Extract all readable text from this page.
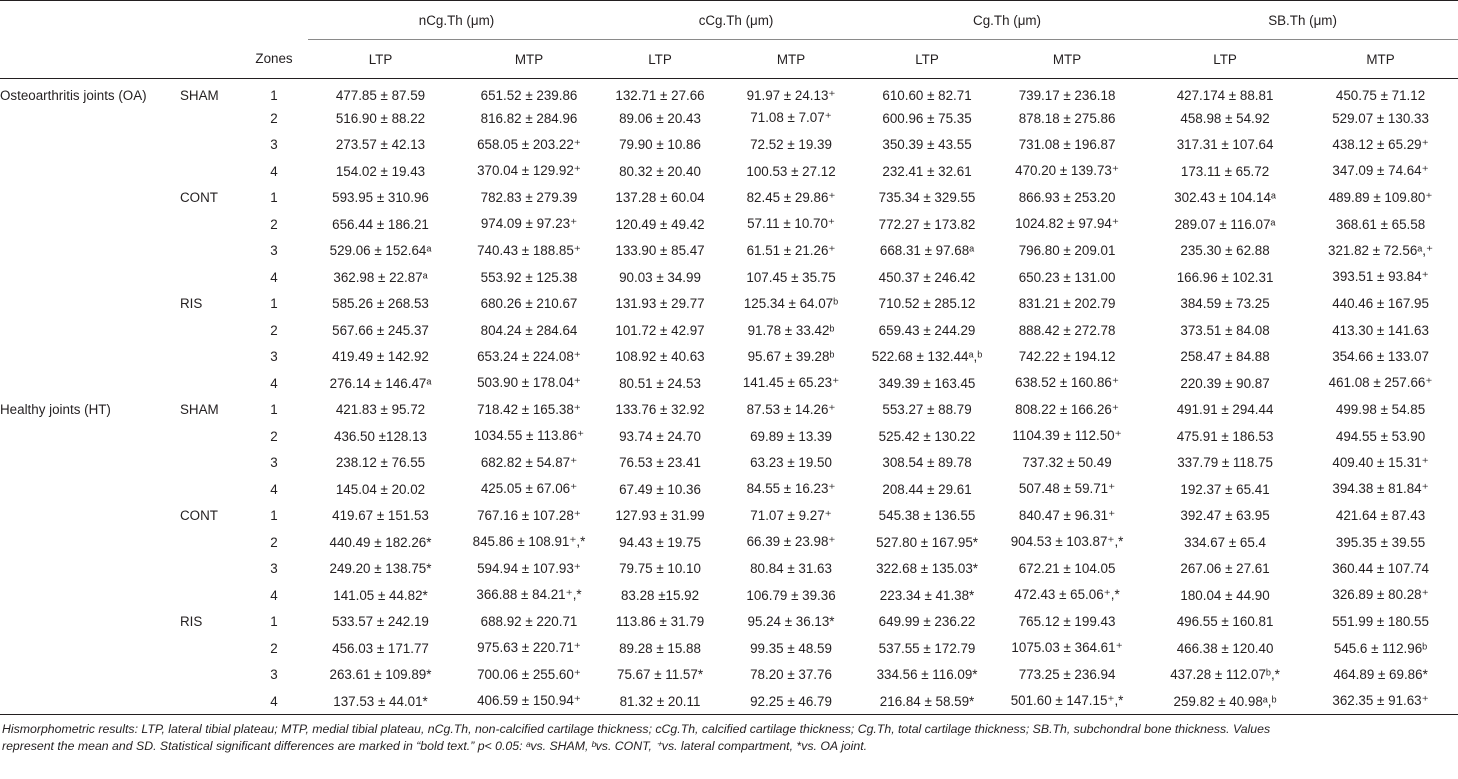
			nCg.Th (μm)		cCg.Th (μm)		Cg.Th (μm)		SB.Th (μm)	
		Zones	LTP	MTP	LTP	MTP	LTP	MTP	LTP	MTP
Osteoarthritis joints (OA)	SHAM	1	477.85 ± 87.59	651.52 ± 239.86	132.71 ± 27.66	91.97 ± 24.13⁺	610.60 ± 82.71	739.17 ± 236.18	427.174 ± 88.81	450.75 ± 71.12
		2	516.90 ± 88.22	816.82 ± 284.96	89.06 ± 20.43	71.08 ± 7.07⁺	600.96 ± 75.35	878.18 ± 275.86	458.98 ± 54.92	529.07 ± 130.33
		3	273.57 ± 42.13	658.05 ± 203.22⁺	79.90 ± 10.86	72.52 ± 19.39	350.39 ± 43.55	731.08 ± 196.87	317.31 ± 107.64	438.12 ± 65.29⁺
		4	154.02 ± 19.43	370.04 ± 129.92⁺	80.32 ± 20.40	100.53 ± 27.12	232.41 ± 32.61	470.20 ± 139.73⁺	173.11 ± 65.72	347.09 ± 74.64⁺
	CONT	1	593.95 ± 310.96	782.83 ± 279.39	137.28 ± 60.04	82.45 ± 29.86⁺	735.34 ± 329.55	866.93 ± 253.20	302.43 ± 104.14ᵃ	489.89 ± 109.80⁺
		2	656.44 ± 186.21	974.09 ± 97.23⁺	120.49 ± 49.42	57.11 ± 10.70⁺	772.27 ± 173.82	1024.82 ± 97.94⁺	289.07 ± 116.07ᵃ	368.61 ± 65.58
		3	529.06 ± 152.64ᵃ	740.43 ± 188.85⁺	133.90 ± 85.47	61.51 ± 21.26⁺	668.31 ± 97.68ᵃ	796.80 ± 209.01	235.30 ± 62.88	321.82 ± 72.56ᵃ,⁺
		4	362.98 ± 22.87ᵃ	553.92 ± 125.38	90.03 ± 34.99	107.45 ± 35.75	450.37 ± 246.42	650.23 ± 131.00	166.96 ± 102.31	393.51 ± 93.84⁺
	RIS	1	585.26 ± 268.53	680.26 ± 210.67	131.93 ± 29.77	125.34 ± 64.07ᵇ	710.52 ± 285.12	831.21 ± 202.79	384.59 ± 73.25	440.46 ± 167.95
		2	567.66 ± 245.37	804.24 ± 284.64	101.72 ± 42.97	91.78 ± 33.42ᵇ	659.43 ± 244.29	888.42 ± 272.78	373.51 ± 84.08	413.30 ± 141.63
		3	419.49 ± 142.92	653.24 ± 224.08⁺	108.92 ± 40.63	95.67 ± 39.28ᵇ	522.68 ± 132.44ᵃ,ᵇ	742.22 ± 194.12	258.47 ± 84.88	354.66 ± 133.07
		4	276.14 ± 146.47ᵃ	503.90 ± 178.04⁺	80.51 ± 24.53	141.45 ± 65.23⁺	349.39 ± 163.45	638.52 ± 160.86⁺	220.39 ± 90.87	461.08 ± 257.66⁺
Healthy joints (HT)	SHAM	1	421.83 ± 95.72	718.42 ± 165.38⁺	133.76 ± 32.92	87.53 ± 14.26⁺	553.27 ± 88.79	808.22 ± 166.26⁺	491.91 ± 294.44	499.98 ± 54.85
		2	436.50 ±128.13	1034.55 ± 113.86⁺	93.74 ± 24.70	69.89 ± 13.39	525.42 ± 130.22	1104.39 ± 112.50⁺	475.91 ± 186.53	494.55 ± 53.90
		3	238.12 ± 76.55	682.82 ± 54.87⁺	76.53 ± 23.41	63.23 ± 19.50	308.54 ± 89.78	737.32 ± 50.49	337.79 ± 118.75	409.40 ± 15.31⁺
		4	145.04 ± 20.02	425.05 ± 67.06⁺	67.49 ± 10.36	84.55 ± 16.23⁺	208.44 ± 29.61	507.48 ± 59.71⁺	192.37 ± 65.41	394.38 ± 81.84⁺
	CONT	1	419.67 ± 151.53	767.16 ± 107.28⁺	127.93 ± 31.99	71.07 ± 9.27⁺	545.38 ± 136.55	840.47 ± 96.31⁺	392.47 ± 63.95	421.64 ± 87.43
		2	440.49 ± 182.26*	845.86 ± 108.91⁺,*	94.43 ± 19.75	66.39 ± 23.98⁺	527.80 ± 167.95*	904.53 ± 103.87⁺,*	334.67 ± 65.4	395.35 ± 39.55
		3	249.20 ± 138.75*	594.94 ± 107.93⁺	79.75 ± 10.10	80.84 ± 31.63	322.68 ± 135.03*	672.21 ± 104.05	267.06 ± 27.61	360.44 ± 107.74
		4	141.05 ± 44.82*	366.88 ± 84.21⁺,*	83.28 ±15.92	106.79 ± 39.36	223.34 ± 41.38*	472.43 ± 65.06⁺,*	180.04 ± 44.90	326.89 ± 80.28⁺
	RIS	1	533.57 ± 242.19	688.92 ± 220.71	113.86 ± 31.79	95.24 ± 36.13*	649.99 ± 236.22	765.12 ± 199.43	496.55 ± 160.81	551.99 ± 180.55
		2	456.03 ± 171.77	975.63 ± 220.71⁺	89.28 ± 15.88	99.35 ± 48.59	537.55 ± 172.79	1075.03 ± 364.61⁺	466.38 ± 120.40	545.6 ± 112.96ᵇ
		3	263.61 ± 109.89*	700.06 ± 255.60⁺	75.67 ± 11.57*	78.20 ± 37.76	334.56 ± 116.09*	773.25 ± 236.94	437.28 ± 112.07ᵇ,*	464.89 ± 69.86*
		4	137.53 ± 44.01*	406.59 ± 150.94⁺	81.32 ± 20.11	92.25 ± 46.79	216.84 ± 58.59*	501.60 ± 147.15⁺,*	259.82 ± 40.98ᵃ,ᵇ	362.35 ± 91.63⁺
Hismorphometric results: LTP, lateral tibial plateau; MTP, medial tibial plateau, nCg.Th, non-calcified cartilage thickness; cCg.Th, calcified cartilage thickness; Cg.Th, total cartilage thickness; SB.Th, subchondral bone thickness. Values
represent the mean and SD. Statistical significant differences are marked in “bold text.” p< 0.05: ᵃvs. SHAM, ᵇvs. CONT, ⁺vs. lateral compartment, *vs. OA joint.
